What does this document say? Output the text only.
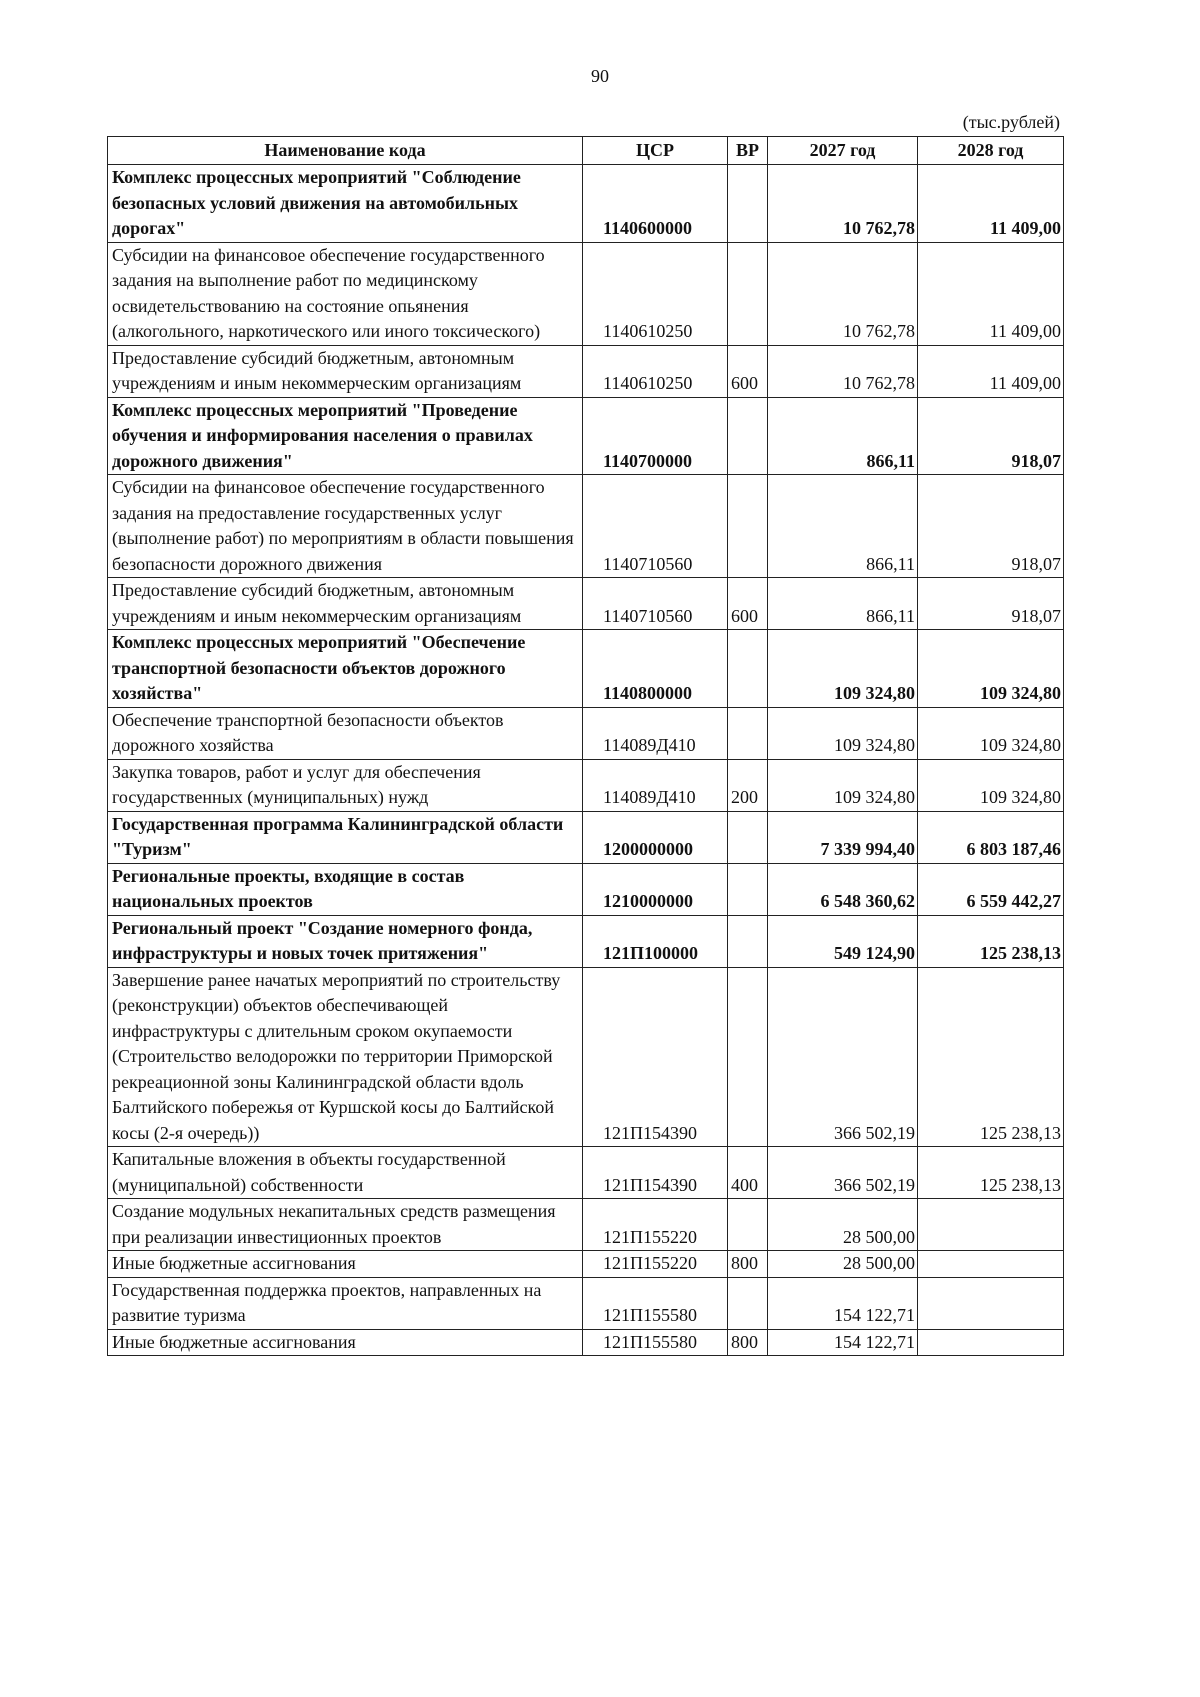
90
(тыс.рублей)
Наименование кода	ЦСР	ВР	2027 год	2028 год
Комплекс процессных мероприятий "Соблюдение безопасных условий движения на автомобильных дорогах"	1140600000		10 762,78	11 409,00
Субсидии на финансовое обеспечение государственного задания на выполнение работ по медицинскому освидетельствованию на состояние опьянения (алкогольного, наркотического или иного токсического)	1140610250		10 762,78	11 409,00
Предоставление субсидий бюджетным, автономным учреждениям и иным некоммерческим организациям	1140610250	600	10 762,78	11 409,00
Комплекс процессных мероприятий "Проведение обучения и информирования населения о правилах дорожного движения"	1140700000		866,11	918,07
Субсидии на финансовое обеспечение государственного задания на предоставление государственных услуг (выполнение работ) по мероприятиям в области повышения безопасности дорожного движения	1140710560		866,11	918,07
Предоставление субсидий бюджетным, автономным учреждениям и иным некоммерческим организациям	1140710560	600	866,11	918,07
Комплекс процессных мероприятий "Обеспечение транспортной безопасности объектов дорожного хозяйства"	1140800000		109 324,80	109 324,80
Обеспечение транспортной безопасности объектов дорожного хозяйства	114089Д410		109 324,80	109 324,80
Закупка товаров, работ и услуг для обеспечения государственных (муниципальных) нужд	114089Д410	200	109 324,80	109 324,80
Государственная программа Калининградской области "Туризм"	1200000000		7 339 994,40	6 803 187,46
Региональные проекты, входящие в состав национальных проектов	1210000000		6 548 360,62	6 559 442,27
Региональный проект "Создание номерного фонда, инфраструктуры и новых точек притяжения"	121П100000		549 124,90	125 238,13
Завершение ранее начатых мероприятий по строительству (реконструкции) объектов обеспечивающей инфраструктуры с длительным сроком окупаемости (Строительство велодорожки по территории Приморской рекреационной зоны Калининградской области вдоль Балтийского побережья от Куршской косы до Балтийской косы (2-я очередь))	121П154390		366 502,19	125 238,13
Капитальные вложения в объекты государственной (муниципальной) собственности	121П154390	400	366 502,19	125 238,13
Создание модульных некапитальных средств размещения при реализации инвестиционных проектов	121П155220		28 500,00	
Иные бюджетные ассигнования	121П155220	800	28 500,00	
Государственная поддержка проектов, направленных на развитие туризма	121П155580		154 122,71	
Иные бюджетные ассигнования	121П155580	800	154 122,71	
